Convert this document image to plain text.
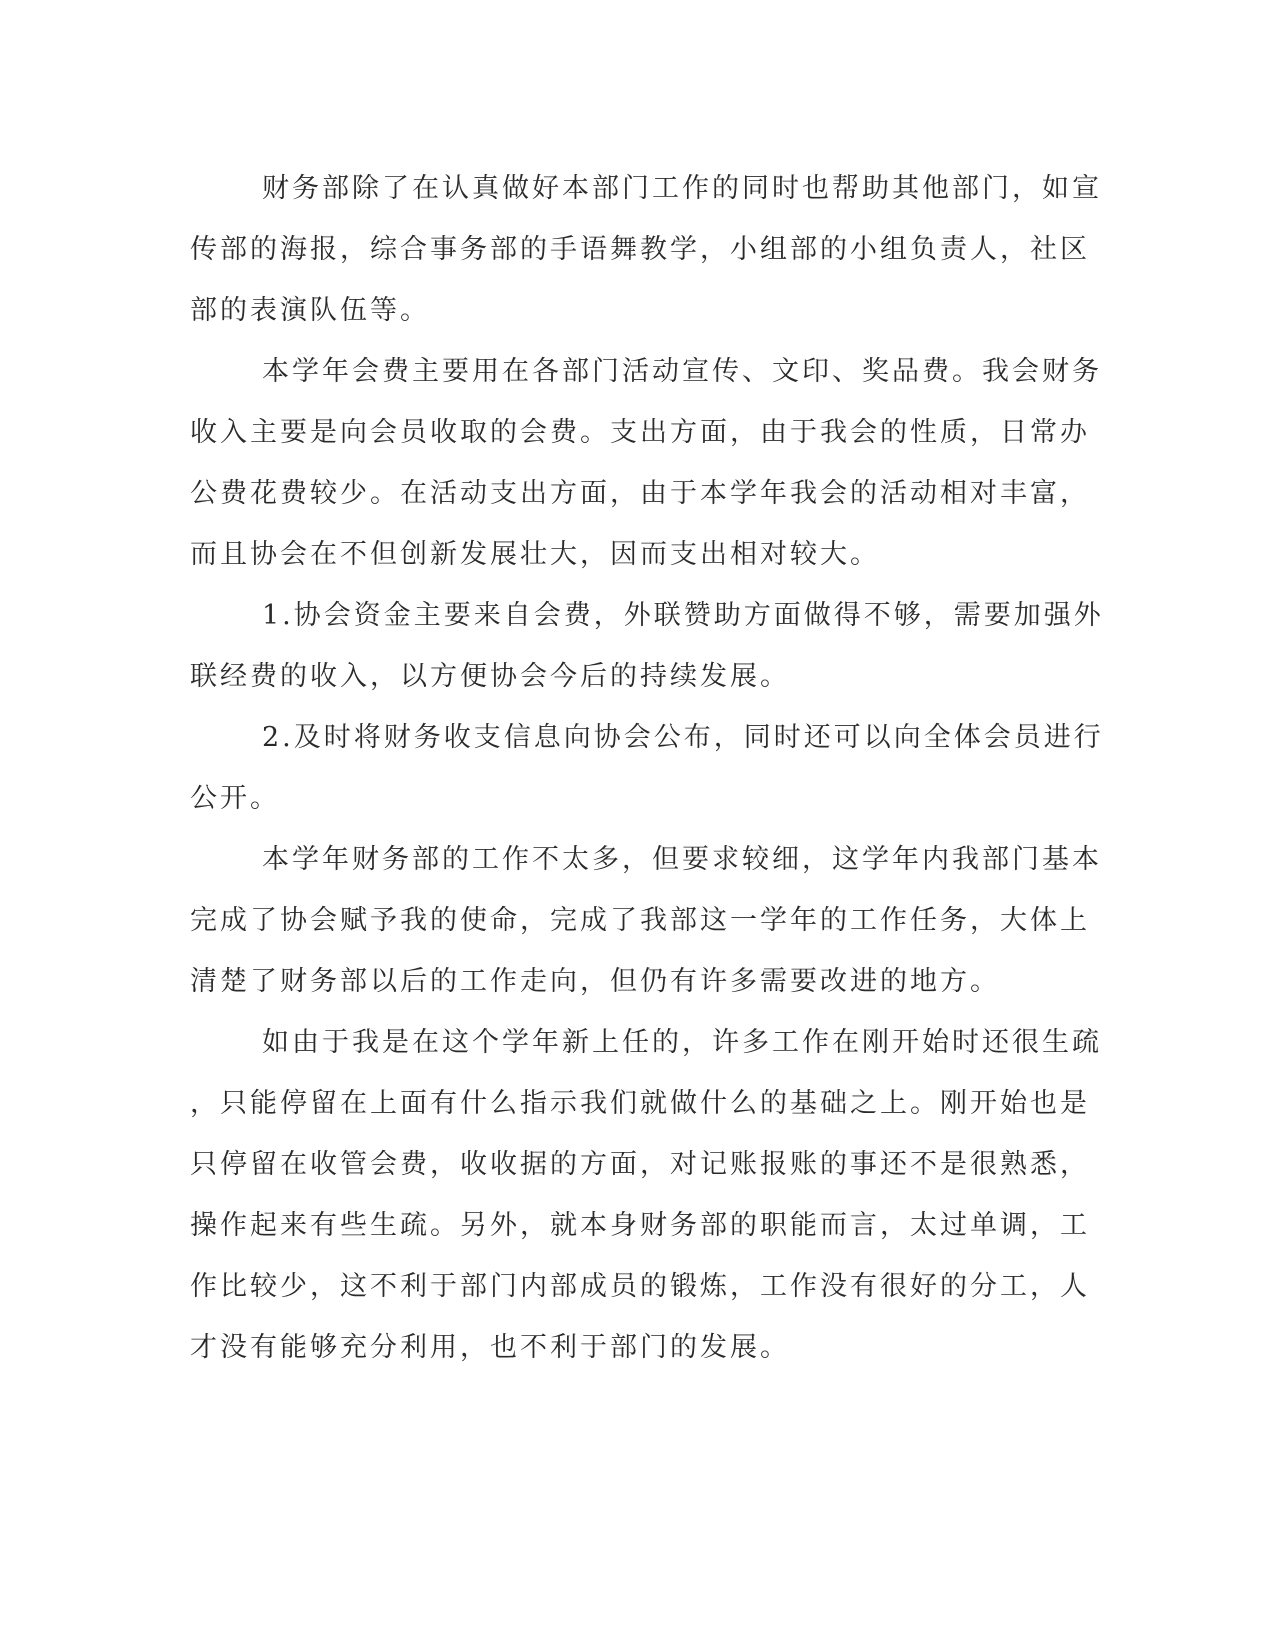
财务部除了在认真做好本部门工作的同时也帮助其他部门，如宣
传部的海报，综合事务部的手语舞教学，小组部的小组负责人，社区
部的表演队伍等。
本学年会费主要用在各部门活动宣传、文印、奖品费。我会财务
收入主要是向会员收取的会费。支出方面，由于我会的性质，日常办
公费花费较少。在活动支出方面，由于本学年我会的活动相对丰富，
而且协会在不但创新发展壮大，因而支出相对较大。
1.协会资金主要来自会费，外联赞助方面做得不够，需要加强外
联经费的收入，以方便协会今后的持续发展。
2.及时将财务收支信息向协会公布，同时还可以向全体会员进行
公开。
本学年财务部的工作不太多，但要求较细，这学年内我部门基本
完成了协会赋予我的使命，完成了我部这一学年的工作任务，大体上
清楚了财务部以后的工作走向，但仍有许多需要改进的地方。
如由于我是在这个学年新上任的，许多工作在刚开始时还很生疏
，只能停留在上面有什么指示我们就做什么的基础之上。刚开始也是
只停留在收管会费，收收据的方面，对记账报账的事还不是很熟悉，
操作起来有些生疏。另外，就本身财务部的职能而言，太过单调，工
作比较少，这不利于部门内部成员的锻炼，工作没有很好的分工，人
才没有能够充分利用，也不利于部门的发展。
